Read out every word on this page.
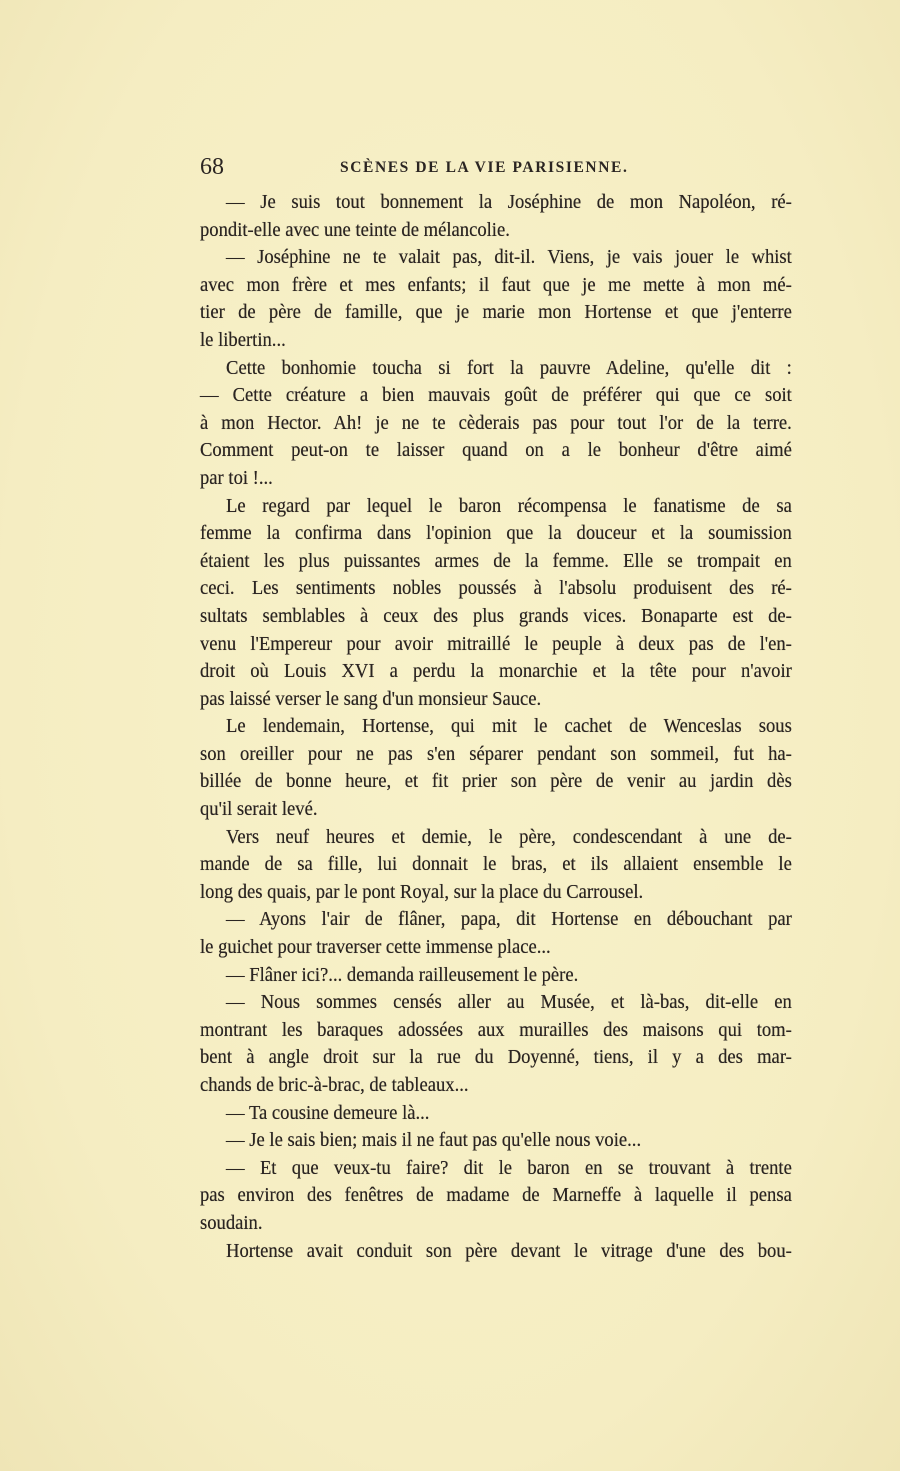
68	SCÈNES DE LA VIE PARISIENNE.
— Je suis tout bonnement la Joséphine de mon Napoléon, ré-
pondit-elle avec une teinte de mélancolie.
— Joséphine ne te valait pas, dit-il. Viens, je vais jouer le whist
avec mon frère et mes enfants; il faut que je me mette à mon mé-
tier de père de famille, que je marie mon Hortense et que j'enterre
le libertin...
Cette bonhomie toucha si fort la pauvre Adeline, qu'elle dit :
— Cette créature a bien mauvais goût de préférer qui que ce soit
à mon Hector. Ah! je ne te cèderais pas pour tout l'or de la terre.
Comment peut-on te laisser quand on a le bonheur d'être aimé
par toi !...
Le regard par lequel le baron récompensa le fanatisme de sa
femme la confirma dans l'opinion que la douceur et la soumission
étaient les plus puissantes armes de la femme. Elle se trompait en
ceci. Les sentiments nobles poussés à l'absolu produisent des ré-
sultats semblables à ceux des plus grands vices. Bonaparte est de-
venu l'Empereur pour avoir mitraillé le peuple à deux pas de l'en-
droit où Louis XVI a perdu la monarchie et la tête pour n'avoir
pas laissé verser le sang d'un monsieur Sauce.
Le lendemain, Hortense, qui mit le cachet de Wenceslas sous
son oreiller pour ne pas s'en séparer pendant son sommeil, fut ha-
billée de bonne heure, et fit prier son père de venir au jardin dès
qu'il serait levé.
Vers neuf heures et demie, le père, condescendant à une de-
mande de sa fille, lui donnait le bras, et ils allaient ensemble le
long des quais, par le pont Royal, sur la place du Carrousel.
— Ayons l'air de flâner, papa, dit Hortense en débouchant par
le guichet pour traverser cette immense place...
— Flâner ici?... demanda railleusement le père.
— Nous sommes censés aller au Musée, et là-bas, dit-elle en
montrant les baraques adossées aux murailles des maisons qui tom-
bent à angle droit sur la rue du Doyenné, tiens, il y a des mar-
chands de bric-à-brac, de tableaux...
— Ta cousine demeure là...
— Je le sais bien; mais il ne faut pas qu'elle nous voie...
— Et que veux-tu faire? dit le baron en se trouvant à trente
pas environ des fenêtres de madame de Marneffe à laquelle il pensa
soudain.
Hortense avait conduit son père devant le vitrage d'une des bou-
